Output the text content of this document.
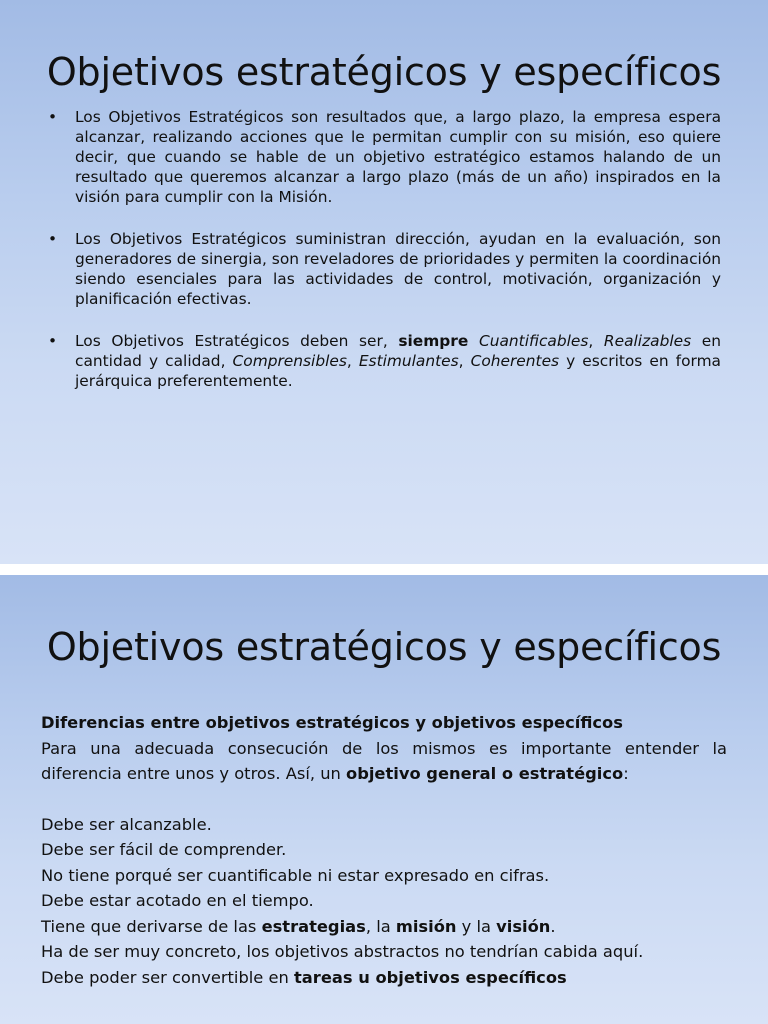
Objetivos estratégicos y específicos
• Los Objetivos Estratégicos son resultados que, a largo plazo, la empresa espera alcanzar, realizando acciones que le permitan cumplir con su misión, eso quiere decir, que cuando se hable de un objetivo estratégico estamos halando de un resultado que queremos alcanzar a largo plazo (más de un año) inspirados en la visión para cumplir con la Misión.
• Los Objetivos Estratégicos suministran dirección, ayudan en la evaluación, son generadores de sinergia, son reveladores de prioridades y permiten la coordinación siendo esenciales para las actividades de control, motivación, organización y planificación efectivas.
• Los Objetivos Estratégicos deben ser, siempre Cuantificables, Realizables en cantidad y calidad, Comprensibles, Estimulantes, Coherentes y escritos en forma jerárquica preferentemente.
Objetivos estratégicos y específicos

Diferencias entre objetivos estratégicos y objetivos específicos

Para una adecuada consecución de los mismos es importante entender la diferencia entre unos y otros. Así, un objetivo general o estratégico:

Debe ser alcanzable.

Debe ser fácil de comprender.

No tiene porqué ser cuantificable ni estar expresado en cifras.

Debe estar acotado en el tiempo.

Tiene que derivarse de las estrategias, la misión y la visión.

Ha de ser muy concreto, los objetivos abstractos no tendrían cabida aquí.

Debe poder ser convertible en tareas u objetivos específicos
